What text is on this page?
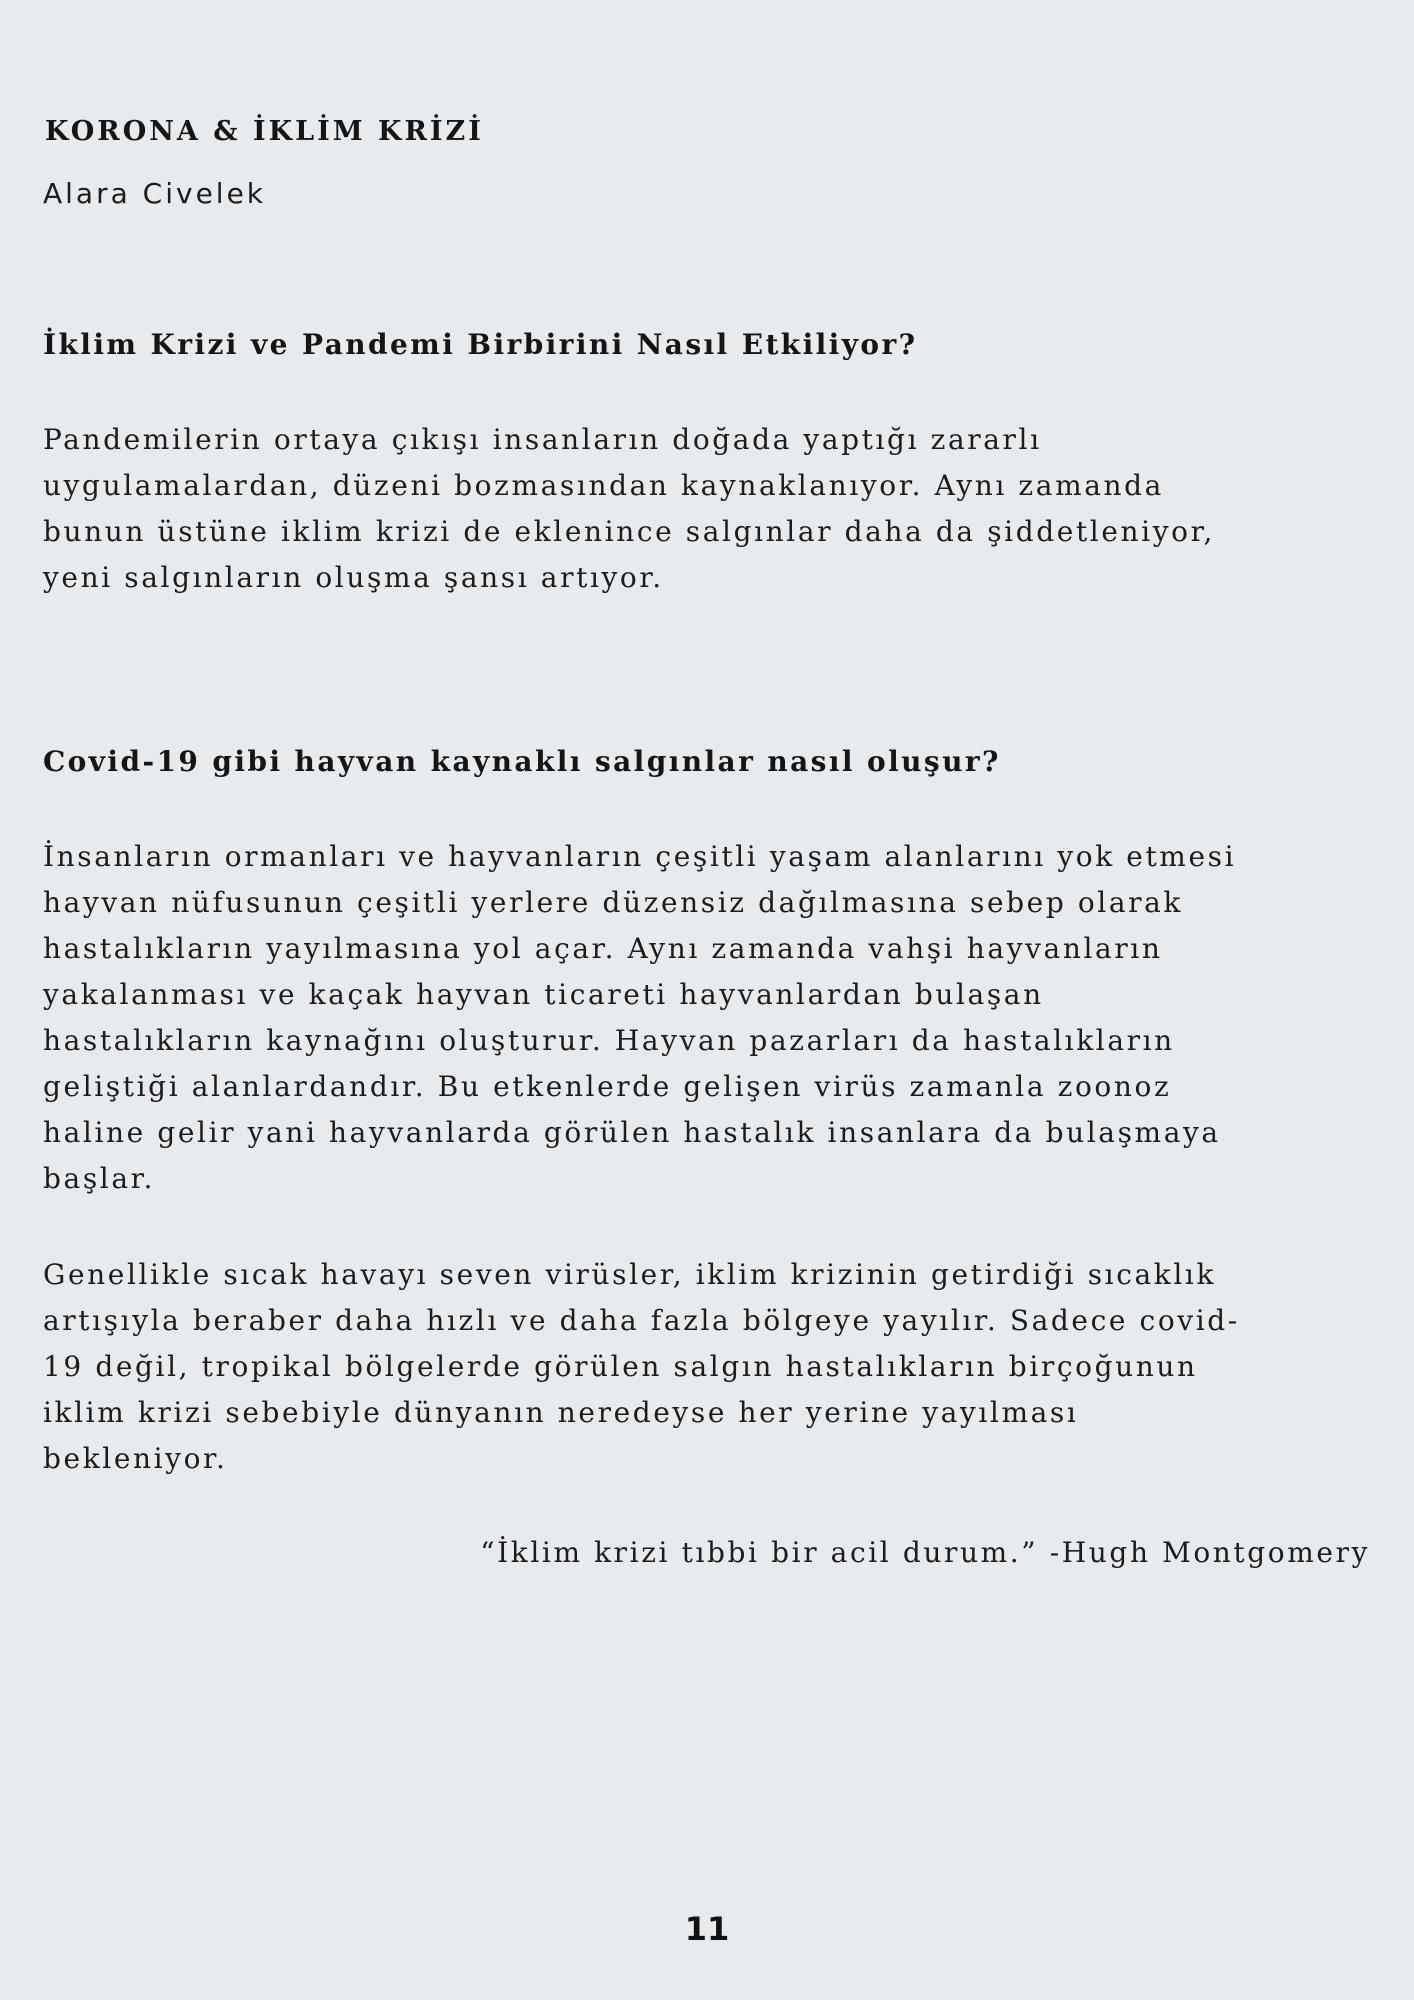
KORONA & İKLİM KRİZİ

Alara Civelek

İklim Krizi ve Pandemi Birbirini Nasıl Etkiliyor?

Pandemilerin ortaya çıkışı insanların doğada yaptığı zararlı
uygulamalardan, düzeni bozmasından kaynaklanıyor. Aynı zamanda
bunun üstüne iklim krizi de eklenince salgınlar daha da şiddetleniyor,
yeni salgınların oluşma şansı artıyor.

Covid-19 gibi hayvan kaynaklı salgınlar nasıl oluşur?

İnsanların ormanları ve hayvanların çeşitli yaşam alanlarını yok etmesi
hayvan nüfusunun çeşitli yerlere düzensiz dağılmasına sebep olarak
hastalıkların yayılmasına yol açar. Aynı zamanda vahşi hayvanların
yakalanması ve kaçak hayvan ticareti hayvanlardan bulaşan
hastalıkların kaynağını oluşturur. Hayvan pazarları da hastalıkların
geliştiği alanlardandır. Bu etkenlerde gelişen virüs zamanla zoonoz
haline gelir yani hayvanlarda görülen hastalık insanlara da bulaşmaya
başlar.

Genellikle sıcak havayı seven virüsler, iklim krizinin getirdiği sıcaklık
artışıyla beraber daha hızlı ve daha fazla bölgeye yayılır. Sadece covid-
19 değil, tropikal bölgelerde görülen salgın hastalıkların birçoğunun
iklim krizi sebebiyle dünyanın neredeyse her yerine yayılması
bekleniyor.

“İklim krizi tıbbi bir acil durum.” -Hugh Montgomery

11
